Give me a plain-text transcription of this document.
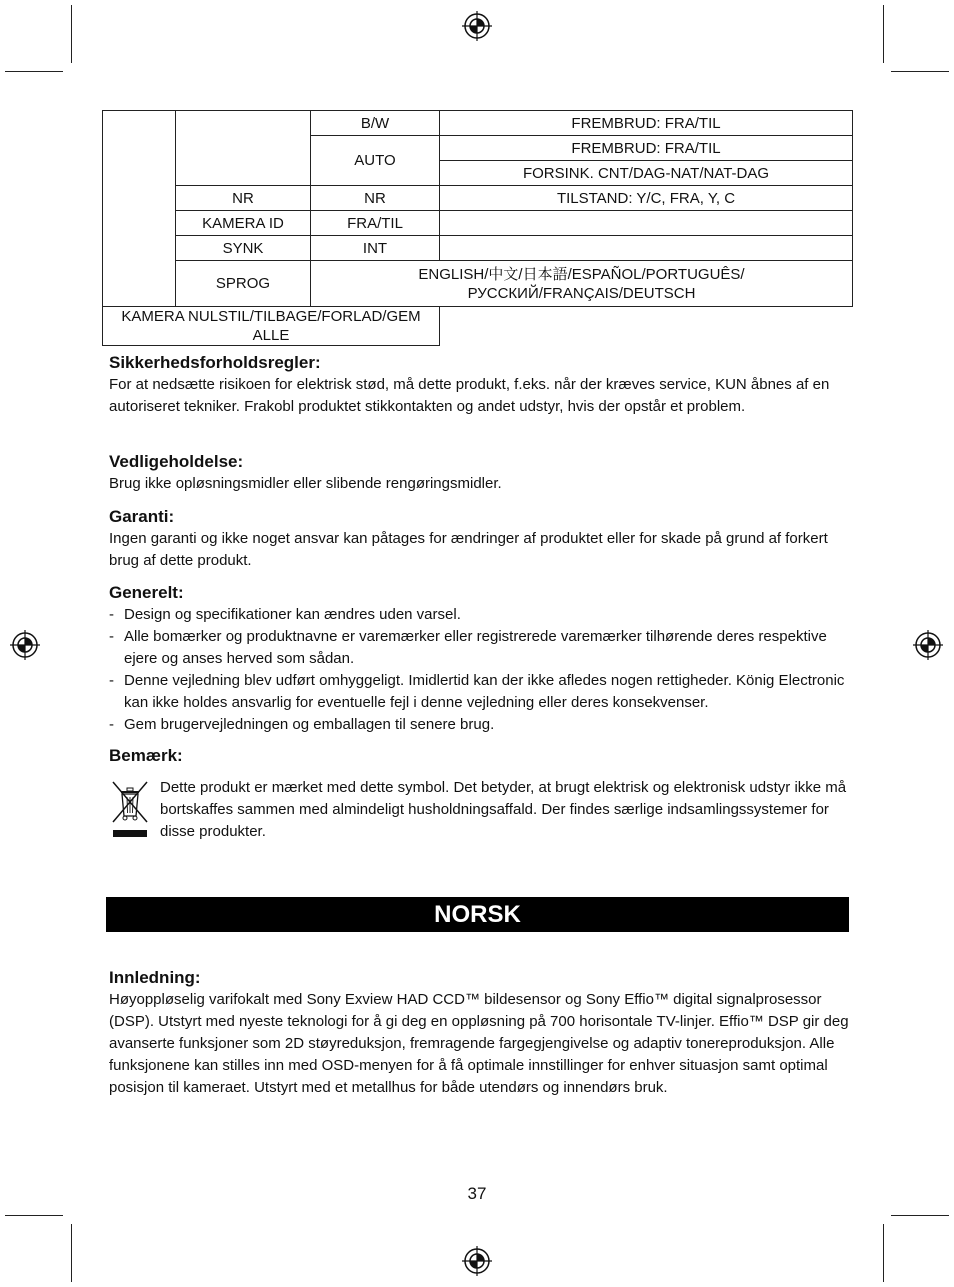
		B/W	FREMBRUD: FRA/TIL
		AUTO	FREMBRUD: FRA/TIL
			FORSINK. CNT/DAG-NAT/NAT-DAG
	NR	NR	TILSTAND: Y/C, FRA, Y, C
	KAMERA ID	FRA/TIL	
	SYNK	INT	
	SPROG	ENGLISH/中文/日本語/ESPAÑOL/PORTUGUÊS/
РУССКИЙ/FRANÇAIS/DEUTSCH	

KAMERA NULSTIL/TILBAGE/FORLAD/GEM ALLE			
Sikkerhedsforholdsregler:

For at nedsætte risikoen for elektrisk stød, må dette produkt, f.eks. når der kræves service, KUN åbnes af en autoriseret tekniker. Frakobl produktet stikkontakten og andet udstyr, hvis der opstår et problem.

Vedligeholdelse:

Brug ikke opløsningsmidler eller slibende rengøringsmidler.

Garanti:

Ingen garanti og ikke noget ansvar kan påtages for ændringer af produktet eller for skade på grund af forkert brug af dette produkt.

Generelt:
- Design og specifikationer kan ændres uden varsel.
- Alle bomærker og produktnavne er varemærker eller registrerede varemærker tilhørende deres respektive ejere og anses herved som sådan.
- Denne vejledning blev udført omhyggeligt. Imidlertid kan der ikke afledes nogen rettigheder. König Electronic kan ikke holdes ansvarlig for eventuelle fejl i denne vejledning eller deres konsekvenser.
- Gem brugervejledningen og emballagen til senere brug.
Bemærk:

Dette produkt er mærket med dette symbol. Det betyder, at brugt elektrisk og elektronisk udstyr ikke må bortskaffes sammen med almindeligt husholdningsaffald. Der findes særlige indsamlingssystemer for disse produkter.

NORSK
Innledning:

Høyoppløselig varifokalt med Sony Exview HAD CCD™ bildesensor og Sony Effio™ digital signalprosessor (DSP). Utstyrt med nyeste teknologi for å gi deg en oppløsning på 700 horisontale TV-linjer. Effio™ DSP gir deg avanserte funksjoner som 2D støyreduksjon, fremragende fargegjengivelse og adaptiv tonereproduksjon. Alle funksjonene kan stilles inn med OSD-menyen for å få optimale innstillinger for enhver situasjon samt optimal posisjon til kameraet. Utstyrt med et metallhus for både utendørs og innendørs bruk.

37
